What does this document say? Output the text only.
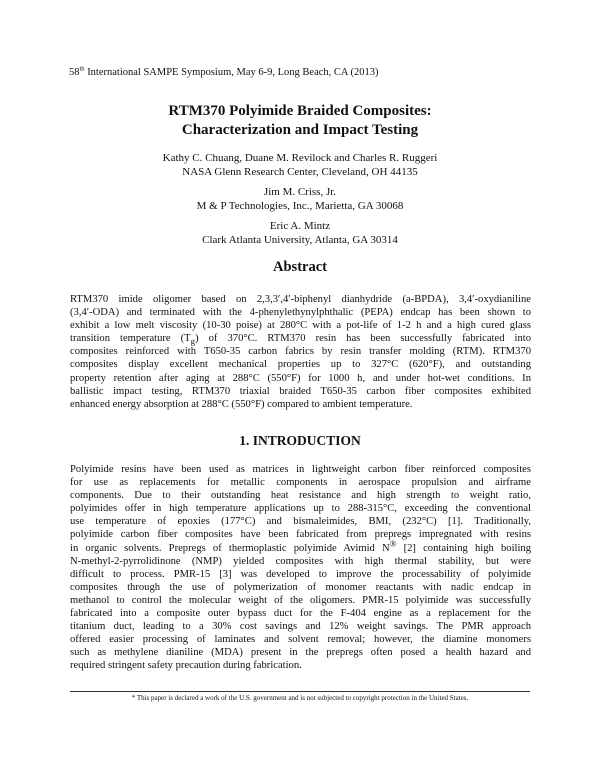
58th International SAMPE Symposium, May 6-9, Long Beach, CA (2013)
RTM370 Polyimide Braided Composites:
Characterization and Impact Testing
Kathy C. Chuang, Duane M. Revilock and Charles R. Ruggeri
NASA Glenn Research Center, Cleveland, OH 44135
Jim M. Criss, Jr.
M & P Technologies, Inc., Marietta, GA 30068
Eric A. Mintz
Clark Atlanta University, Atlanta, GA 30314
Abstract
RTM370 imide oligomer based on 2,3,3′,4′-biphenyl dianhydride (a-BPDA), 3,4′-oxydianiline
(3,4′-ODA) and terminated with the 4-phenylethynylphthalic (PEPA) endcap has been shown to
exhibit a low melt viscosity (10-30 poise) at 280°C with a pot-life of 1-2 h and a high cured glass
transition temperature $(T_g)$ of 370°C. RTM370 resin has been successfully fabricated into
composites reinforced with T650-35 carbon fabrics by resin transfer molding (RTM). RTM370
composites display excellent mechanical properties up to 327°C (620°F), and outstanding
property retention after aging at 288°C (550°F) for 1000 h, and under hot-wet conditions. In
ballistic impact testing, RTM370 triaxial braided T650-35 carbon fiber composites exhibited
enhanced energy absorption at 288°C (550°F) compared to ambient temperature.
1. INTRODUCTION
Polyimide resins have been used as matrices in lightweight carbon fiber reinforced composites
for use as replacements for metallic components in aerospace propulsion and airframe
components. Due to their outstanding heat resistance and high strength to weight ratio,
polyimides offer in high temperature applications up to 288-315°C, exceeding the conventional
use temperature of epoxies (177°C) and bismaleimides, BMI, (232°C) [1]. Traditionally,
polyimide carbon fiber composites have been fabricated from prepregs impregnated with resins
in organic solvents. Prepregs of thermoplastic polyimide Avimid N® [2] containing high boiling
N-methyl-2-pyrrolidinone (NMP) yielded composites with high thermal stability, but were
difficult to process. PMR-15 [3] was developed to improve the processability of polyimide
composites through the use of polymerization of monomer reactants with nadic endcap in
methanol to control the molecular weight of the oligomers. PMR-15 polyimide was successfully
fabricated into a composite outer bypass duct for the F-404 engine as a replacement for the
titanium duct, leading to a 30% cost savings and 12% weight savings. The PMR approach
offered easier processing of laminates and solvent removal; however, the diamine monomers
such as methylene dianiline (MDA) present in the prepregs often posed a health hazard and
required stringent safety precaution during fabrication.
* This paper is declared a work of the U.S. government and is not subjected to copyright protection in the United States.
